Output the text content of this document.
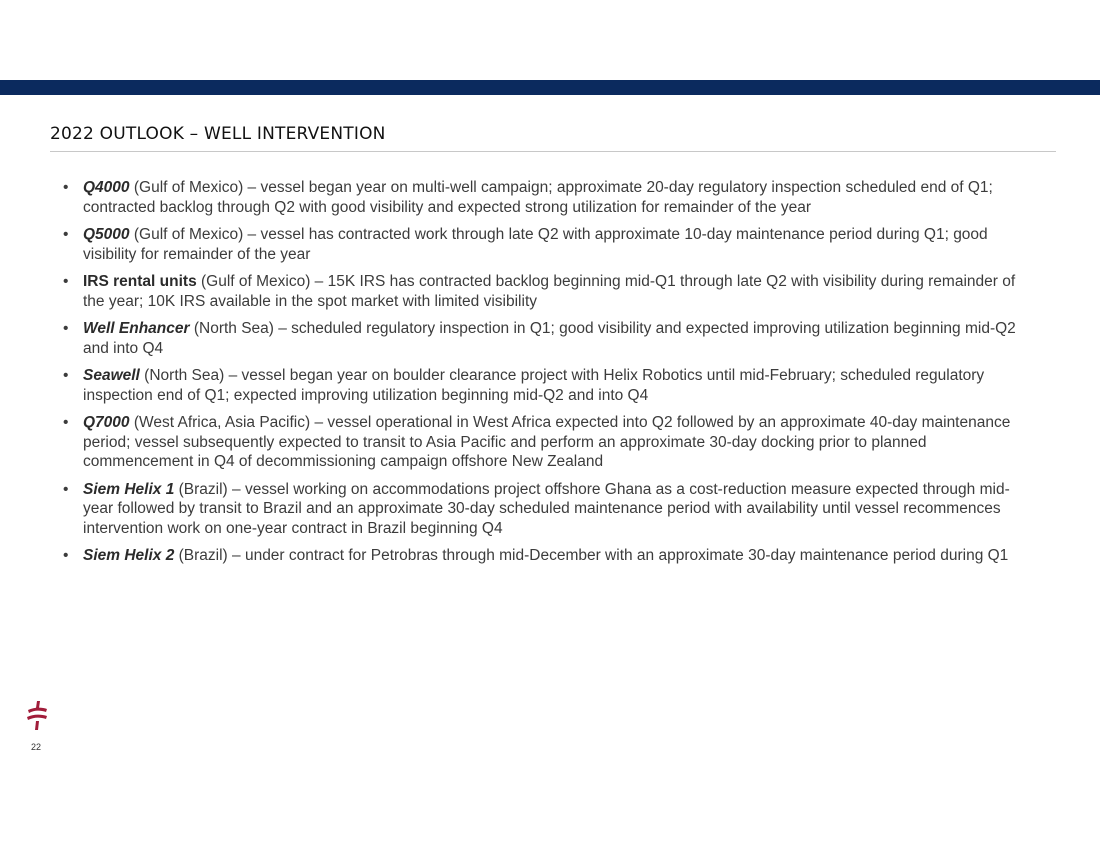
2022 OUTLOOK – WELL INTERVENTION
• Q4000 (Gulf of Mexico) – vessel began year on multi-well campaign; approximate 20-day regulatory inspection scheduled end of Q1; contracted backlog through Q2 with good visibility and expected strong utilization for remainder of the year
• Q5000 (Gulf of Mexico) – vessel has contracted work through late Q2 with approximate 10-day maintenance period during Q1; good visibility for remainder of the year
• IRS rental units (Gulf of Mexico) – 15K IRS has contracted backlog beginning mid-Q1 through late Q2 with visibility during remainder of the year; 10K IRS available in the spot market with limited visibility
• Well Enhancer (North Sea) – scheduled regulatory inspection in Q1; good visibility and expected improving utilization beginning mid-Q2 and into Q4
• Seawell (North Sea) – vessel began year on boulder clearance project with Helix Robotics until mid-February; scheduled regulatory inspection end of Q1; expected improving utilization beginning mid-Q2 and into Q4
• Q7000 (West Africa, Asia Pacific) – vessel operational in West Africa expected into Q2 followed by an approximate 40-day maintenance period; vessel subsequently expected to transit to Asia Pacific and perform an approximate 30-day docking prior to planned commencement in Q4 of decommissioning campaign offshore New Zealand
• Siem Helix 1 (Brazil) – vessel working on accommodations project offshore Ghana as a cost-reduction measure expected through mid-year followed by transit to Brazil and an approximate 30-day scheduled maintenance period with availability until vessel recommences intervention work on one-year contract in Brazil beginning Q4
• Siem Helix 2 (Brazil) – under contract for Petrobras through mid-December with an approximate 30-day maintenance period during Q1
22
